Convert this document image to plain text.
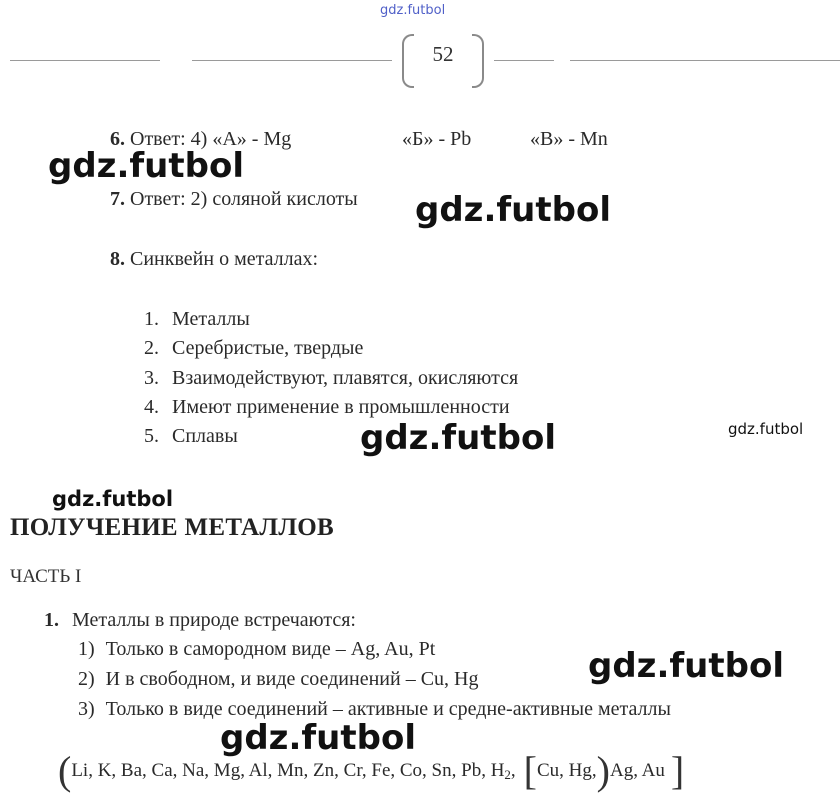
gdz.futbol
52
6. Ответ: 4) «А» - Mg	«Б» - Pb	«В» - Mn
7. Ответ: 2) соляной кислоты
8. Синквейн о металлах:
1. Металлы
2. Серебристые, твердые
3. Взаимодействуют, плавятся, окисляются
4. Имеют применение в промышленности
5. Сплавы
ПОЛУЧЕНИЕ МЕТАЛЛОВ
ЧАСТЬ I
1. Металлы в природе встречаются:
1) Только в самородном виде – Ag, Au, Pt
2) И в свободном, и виде соединений – Cu, Hg
3) Только в виде соединений – активные и средне-активные металлы
( Li, K, Ba, Ca, Na, Mg, Al, Mn, Zn, Cr, Fe, Co, Sn, Pb, $H_2$, [ Cu, Hg, ) Ag, Au ]
gdz.futbol
gdz.futbol
gdz.futbol	gdz.futbol
gdz.futbol
gdz.futbol
gdz.futbol
